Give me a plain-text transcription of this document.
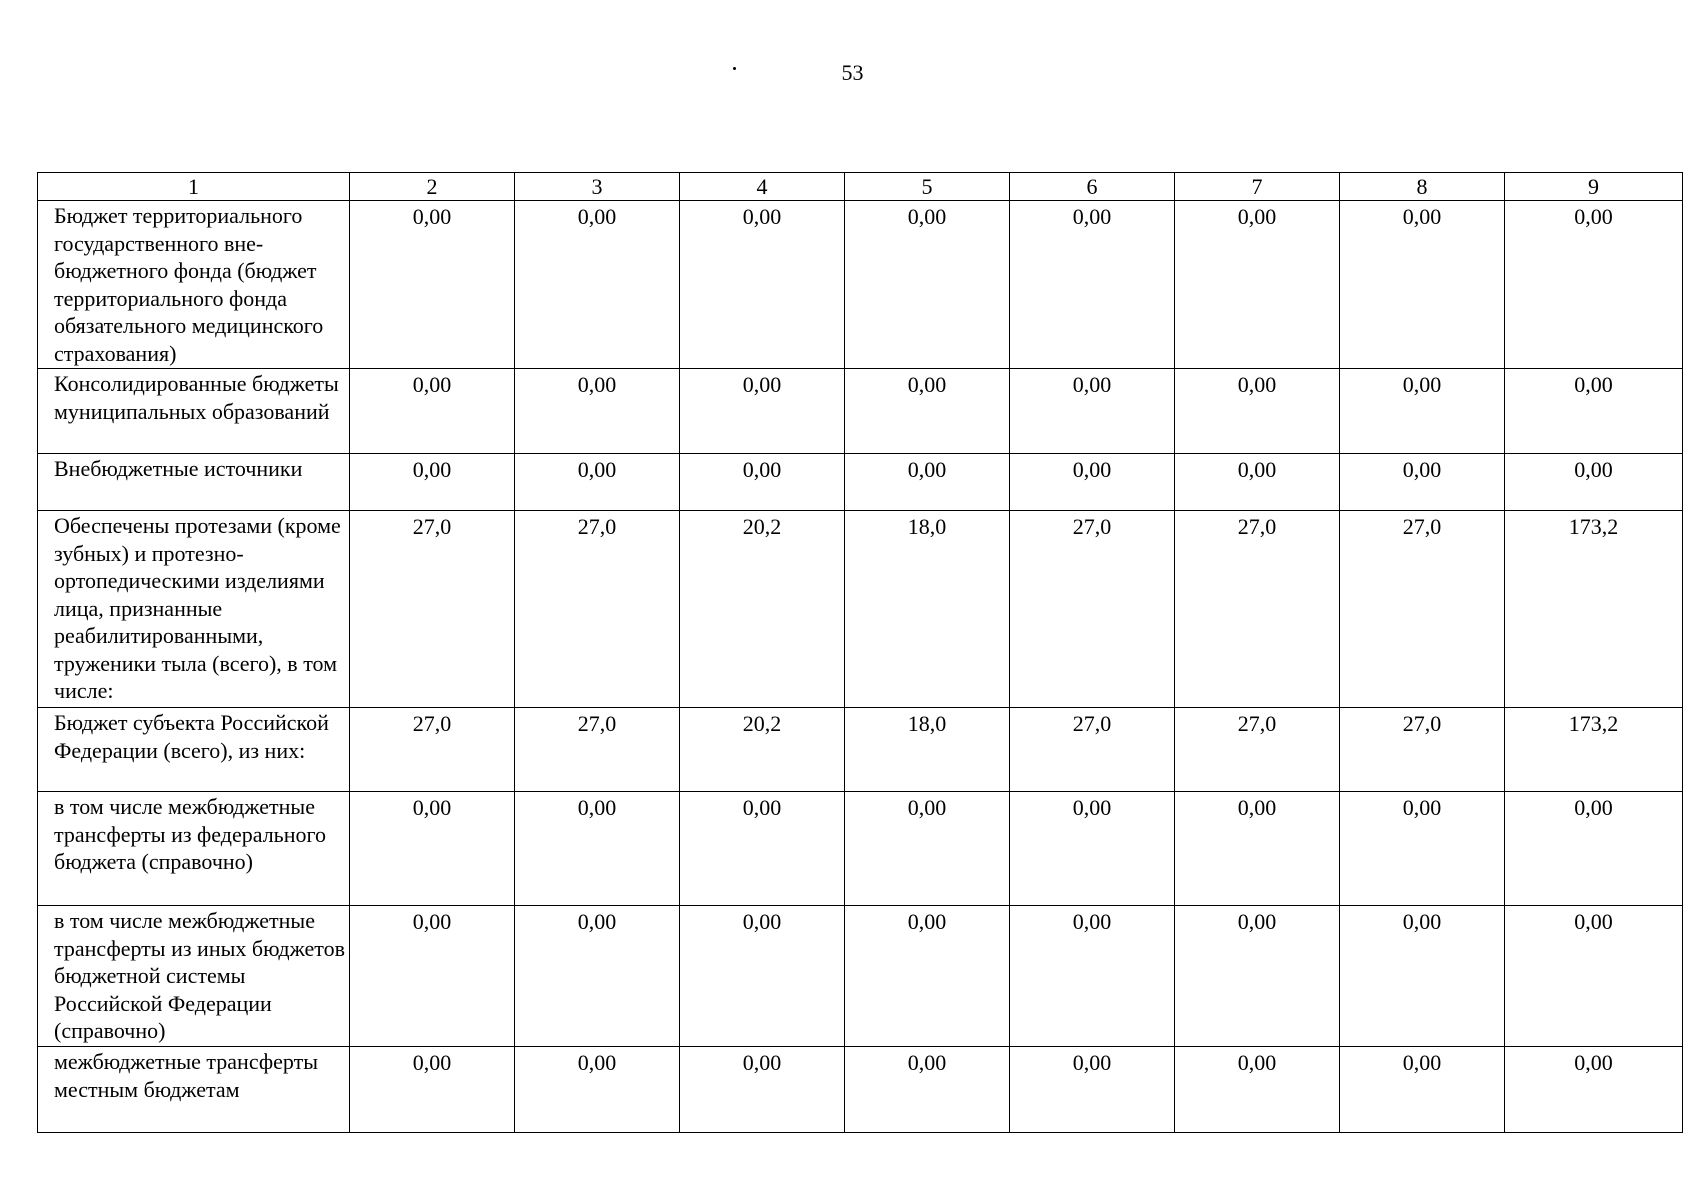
53
1	2	3	4	5	6	7	8	9
Бюджет территориального государственного внебюджетного фонда (бюджет территориального фонда обязательного медицинского страхования)	0,00	0,00	0,00	0,00	0,00	0,00	0,00	0,00
Консолидированные бюджеты муниципальных образований	0,00	0,00	0,00	0,00	0,00	0,00	0,00	0,00
Внебюджетные источники	0,00	0,00	0,00	0,00	0,00	0,00	0,00	0,00
Обеспечены протезами (кроме зубных) и протезно-ортопедическими изделиями лица, признанные реабилитированными, труженики тыла (всего), в том числе:	27,0	27,0	20,2	18,0	27,0	27,0	27,0	173,2
Бюджет субъекта Российской Федерации (всего), из них:	27,0	27,0	20,2	18,0	27,0	27,0	27,0	173,2
в том числе межбюджетные трансферты из федерального бюджета (справочно)	0,00	0,00	0,00	0,00	0,00	0,00	0,00	0,00
в том числе межбюджетные трансферты из иных бюджетов бюджетной системы Российской Федерации (справочно)	0,00	0,00	0,00	0,00	0,00	0,00	0,00	0,00
межбюджетные трансферты местным бюджетам	0,00	0,00	0,00	0,00	0,00	0,00	0,00	0,00
